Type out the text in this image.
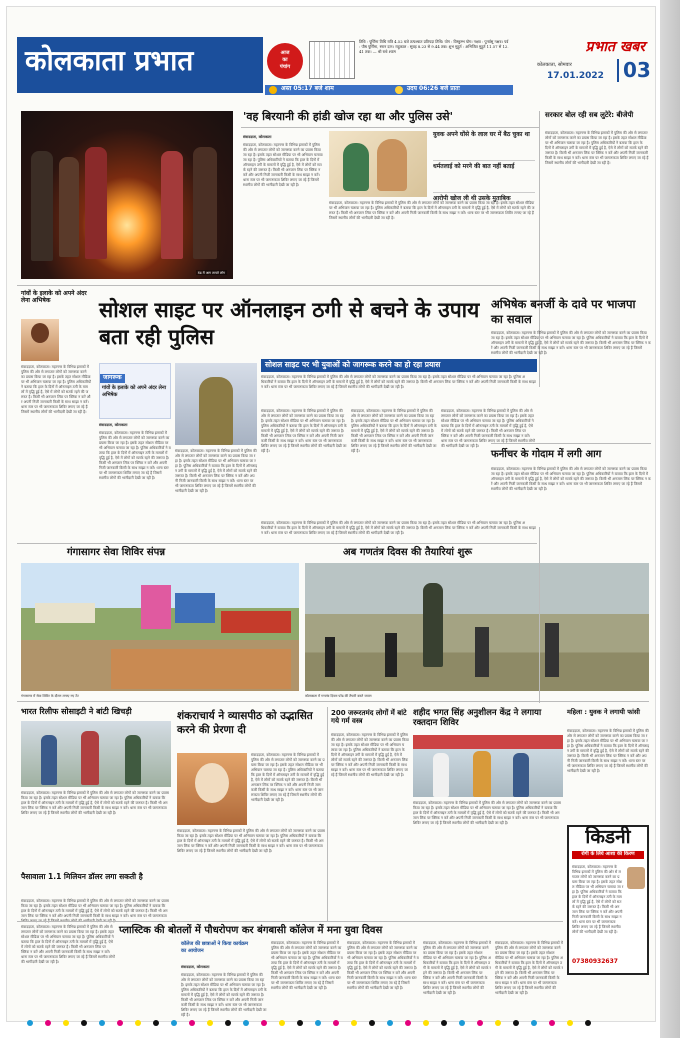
कोलकाता प्रभात	आज
का
पंचांग
तिथि : पूर्णिमा तिथि रात्रि 4.52 बजे तत्पश्चात प्रतिपदा तिथि। योग : विष्कुम्भ योग। नक्षत्र : पुनर्वसु नक्षत्र। पर्व : पौष पूर्णिमा, स्नान दान। राहुकाल : सुबह 8.23 से 9.44 तक। शुभ मुहूर्त : अभिजित मुहूर्त 11.57 से 12.41 तक। — श्री राधे श्याम	प्रभात खबर
कोलकाता, सोमवार
17.01.2022 03
अस्त 05:17 बजे शाम	उदय 06:26 बजे प्रातः
ठंड में आग तापते लोग
'वह बिरयानी की हांडी खोज रहा था और पुलिस उसे'
संवाददाता, कोलकाता
संवाददाता, कोलकाता। महानगर के विभिन्न इलाकों में पुलिस की ओर से लगातार लोगों को जागरूक करने का प्रयास किया जा रहा है। इसके तहत सोशल मीडिया पर भी अभियान चलाया जा रहा है। पुलिस अधिकारियों ने बताया कि हाल के दिनों में ऑनलाइन ठगी के मामलों में वृद्धि हुई है, ऐसे में लोगों को सतर्क रहने की जरूरत है। किसी भी अनजान लिंक पर क्लिक न करें और अपनी निजी जानकारी किसी के साथ साझा न करें। थाना स्तर पर भी जागरूकता शिविर लगाए जा रहे हैं जिसमें स्थानीय लोगों की भागीदारी देखी जा रही है।
युवक अपने घोंसे के लाल घर में बैठ चुका था
धर्मतलाई को मरने की बात नहीं बताई
आरोपी खोज ली थी उसके मुताबिक
संवाददाता, कोलकाता। महानगर के विभिन्न इलाकों में पुलिस की ओर से लगातार लोगों को जागरूक करने का प्रयास किया जा रहा है। इसके तहत सोशल मीडिया पर भी अभियान चलाया जा रहा है। पुलिस अधिकारियों ने बताया कि हाल के दिनों में ऑनलाइन ठगी के मामलों में वृद्धि हुई है, ऐसे में लोगों को सतर्क रहने की जरूरत है। किसी भी अनजान लिंक पर क्लिक न करें और अपनी निजी जानकारी किसी के साथ साझा न करें। थाना स्तर पर भी जागरूकता शिविर लगाए जा रहे हैं जिसमें स्थानीय लोगों की भागीदारी देखी जा रही है।
सरकार बोल रही सब लुटेरे: बीजेपी
संवाददाता, कोलकाता। महानगर के विभिन्न इलाकों में पुलिस की ओर से लगातार लोगों को जागरूक करने का प्रयास किया जा रहा है। इसके तहत सोशल मीडिया पर भी अभियान चलाया जा रहा है। पुलिस अधिकारियों ने बताया कि हाल के दिनों में ऑनलाइन ठगी के मामलों में वृद्धि हुई है, ऐसे में लोगों को सतर्क रहने की जरूरत है। किसी भी अनजान लिंक पर क्लिक न करें और अपनी निजी जानकारी किसी के साथ साझा न करें। थाना स्तर पर भी जागरूकता शिविर लगाए जा रहे हैं जिसमें स्थानीय लोगों की भागीदारी देखी जा रही है।
गांवों के इलाके को अपने अंदर लेना अभिषेक
संवाददाता, कोलकाता। महानगर के विभिन्न इलाकों में पुलिस की ओर से लगातार लोगों को जागरूक करने का प्रयास किया जा रहा है। इसके तहत सोशल मीडिया पर भी अभियान चलाया जा रहा है। पुलिस अधिकारियों ने बताया कि हाल के दिनों में ऑनलाइन ठगी के मामलों में वृद्धि हुई है, ऐसे में लोगों को सतर्क रहने की जरूरत है। किसी भी अनजान लिंक पर क्लिक न करें और अपनी निजी जानकारी किसी के साथ साझा न करें। थाना स्तर पर भी जागरूकता शिविर लगाए जा रहे हैं जिसमें स्थानीय लोगों की भागीदारी देखी जा रही है।
सोशल साइट पर ऑनलाइन ठगी से बचने के उपाय बता रही पुलिस
जागरूक
गांवों के इलाके को अपने अंदर लेना अभिषेक
सोशल साइट पर भी युवाओं को जागरूक करने का हो रहा प्रयास
संवाददाता, कोलकाता। महानगर के विभिन्न इलाकों में पुलिस की ओर से लगातार लोगों को जागरूक करने का प्रयास किया जा रहा है। इसके तहत सोशल मीडिया पर भी अभियान चलाया जा रहा है। पुलिस अधिकारियों ने बताया कि हाल के दिनों में ऑनलाइन ठगी के मामलों में वृद्धि हुई है, ऐसे में लोगों को सतर्क रहने की जरूरत है। किसी भी अनजान लिंक पर क्लिक न करें और अपनी निजी जानकारी किसी के साथ साझा न करें। थाना स्तर पर भी जागरूकता शिविर लगाए जा रहे हैं जिसमें स्थानीय लोगों की भागीदारी देखी जा रही है।
संवाददाता, कोलकाता। महानगर के विभिन्न इलाकों में पुलिस की ओर से लगातार लोगों को जागरूक करने का प्रयास किया जा रहा है। इसके तहत सोशल मीडिया पर भी अभियान चलाया जा रहा है। पुलिस अधिकारियों ने बताया कि हाल के दिनों में ऑनलाइन ठगी के मामलों में वृद्धि हुई है, ऐसे में लोगों को सतर्क रहने की जरूरत है। किसी भी अनजान लिंक पर क्लिक न करें और अपनी निजी जानकारी किसी के साथ साझा न करें। थाना स्तर पर भी जागरूकता शिविर लगाए जा रहे हैं जिसमें स्थानीय लोगों की भागीदारी देखी जा रही है।
संवाददाता, कोलकाता। महानगर के विभिन्न इलाकों में पुलिस की ओर से लगातार लोगों को जागरूक करने का प्रयास किया जा रहा है। इसके तहत सोशल मीडिया पर भी अभियान चलाया जा रहा है। पुलिस अधिकारियों ने बताया कि हाल के दिनों में ऑनलाइन ठगी के मामलों में वृद्धि हुई है, ऐसे में लोगों को सतर्क रहने की जरूरत है। किसी भी अनजान लिंक पर क्लिक न करें और अपनी निजी जानकारी किसी के साथ साझा न करें। थाना स्तर पर भी जागरूकता शिविर लगाए जा रहे हैं जिसमें स्थानीय लोगों की भागीदारी देखी जा रही है।
संवाददाता, कोलकाता। महानगर के विभिन्न इलाकों में पुलिस की ओर से लगातार लोगों को जागरूक करने का प्रयास किया जा रहा है। इसके तहत सोशल मीडिया पर भी अभियान चलाया जा रहा है। पुलिस अधिकारियों ने बताया कि हाल के दिनों में ऑनलाइन ठगी के मामलों में वृद्धि हुई है, ऐसे में लोगों को सतर्क रहने की जरूरत है। किसी भी अनजान लिंक पर क्लिक न करें और अपनी निजी जानकारी किसी के साथ साझा न करें। थाना स्तर पर भी जागरूकता शिविर लगाए जा रहे हैं जिसमें स्थानीय लोगों की भागीदारी देखी जा रही है।
संवाददाता, कोलकाता
संवाददाता, कोलकाता। महानगर के विभिन्न इलाकों में पुलिस की ओर से लगातार लोगों को जागरूक करने का प्रयास किया जा रहा है। इसके तहत सोशल मीडिया पर भी अभियान चलाया जा रहा है। पुलिस अधिकारियों ने बताया कि हाल के दिनों में ऑनलाइन ठगी के मामलों में वृद्धि हुई है, ऐसे में लोगों को सतर्क रहने की जरूरत है। किसी भी अनजान लिंक पर क्लिक न करें और अपनी निजी जानकारी किसी के साथ साझा न करें। थाना स्तर पर भी जागरूकता शिविर लगाए जा रहे हैं जिसमें स्थानीय लोगों की भागीदारी देखी जा रही है।
संवाददाता, कोलकाता। महानगर के विभिन्न इलाकों में पुलिस की ओर से लगातार लोगों को जागरूक करने का प्रयास किया जा रहा है। इसके तहत सोशल मीडिया पर भी अभियान चलाया जा रहा है। पुलिस अधिकारियों ने बताया कि हाल के दिनों में ऑनलाइन ठगी के मामलों में वृद्धि हुई है, ऐसे में लोगों को सतर्क रहने की जरूरत है। किसी भी अनजान लिंक पर क्लिक न करें और अपनी निजी जानकारी किसी के साथ साझा न करें। थाना स्तर पर भी जागरूकता शिविर लगाए जा रहे हैं जिसमें स्थानीय लोगों की भागीदारी देखी जा रही है।
संवाददाता, कोलकाता। महानगर के विभिन्न इलाकों में पुलिस की ओर से लगातार लोगों को जागरूक करने का प्रयास किया जा रहा है। इसके तहत सोशल मीडिया पर भी अभियान चलाया जा रहा है। पुलिस अधिकारियों ने बताया कि हाल के दिनों में ऑनलाइन ठगी के मामलों में वृद्धि हुई है, ऐसे में लोगों को सतर्क रहने की जरूरत है। किसी भी अनजान लिंक पर क्लिक न करें और अपनी निजी जानकारी किसी के साथ साझा न करें। थाना स्तर पर भी जागरूकता शिविर लगाए जा रहे हैं जिसमें स्थानीय लोगों की भागीदारी देखी जा रही है।
अभिषेक बनर्जी के दावे पर भाजपा का सवाल
संवाददाता, कोलकाता। महानगर के विभिन्न इलाकों में पुलिस की ओर से लगातार लोगों को जागरूक करने का प्रयास किया जा रहा है। इसके तहत सोशल मीडिया पर भी अभियान चलाया जा रहा है। पुलिस अधिकारियों ने बताया कि हाल के दिनों में ऑनलाइन ठगी के मामलों में वृद्धि हुई है, ऐसे में लोगों को सतर्क रहने की जरूरत है। किसी भी अनजान लिंक पर क्लिक न करें और अपनी निजी जानकारी किसी के साथ साझा न करें। थाना स्तर पर भी जागरूकता शिविर लगाए जा रहे हैं जिसमें स्थानीय लोगों की भागीदारी देखी जा रही है।
फर्नीचर के गोदाम में लगी आग
संवाददाता, कोलकाता। महानगर के विभिन्न इलाकों में पुलिस की ओर से लगातार लोगों को जागरूक करने का प्रयास किया जा रहा है। इसके तहत सोशल मीडिया पर भी अभियान चलाया जा रहा है। पुलिस अधिकारियों ने बताया कि हाल के दिनों में ऑनलाइन ठगी के मामलों में वृद्धि हुई है, ऐसे में लोगों को सतर्क रहने की जरूरत है। किसी भी अनजान लिंक पर क्लिक न करें और अपनी निजी जानकारी किसी के साथ साझा न करें। थाना स्तर पर भी जागरूकता शिविर लगाए जा रहे हैं जिसमें स्थानीय लोगों की भागीदारी देखी जा रही है।
गंगासागर सेवा शिविर संपन्न
गंगासागर में सेवा शिविर के दौरान लगाए गए टेंट
अब गणतंत्र दिवस की तैयारियां शुरू
कोलकाता में गणतंत्र दिवस परेड की तैयारी करते जवान
भारत रिलीफ सोसाइटी ने बांटी खिचड़ी
संवाददाता, कोलकाता। महानगर के विभिन्न इलाकों में पुलिस की ओर से लगातार लोगों को जागरूक करने का प्रयास किया जा रहा है। इसके तहत सोशल मीडिया पर भी अभियान चलाया जा रहा है। पुलिस अधिकारियों ने बताया कि हाल के दिनों में ऑनलाइन ठगी के मामलों में वृद्धि हुई है, ऐसे में लोगों को सतर्क रहने की जरूरत है। किसी भी अनजान लिंक पर क्लिक न करें और अपनी निजी जानकारी किसी के साथ साझा न करें। थाना स्तर पर भी जागरूकता शिविर लगाए जा रहे हैं जिसमें स्थानीय लोगों की भागीदारी देखी जा रही है।
पैसावाला 1.1 मिलियन डॉलर लगा सकती है
संवाददाता, कोलकाता। महानगर के विभिन्न इलाकों में पुलिस की ओर से लगातार लोगों को जागरूक करने का प्रयास किया जा रहा है। इसके तहत सोशल मीडिया पर भी अभियान चलाया जा रहा है। पुलिस अधिकारियों ने बताया कि हाल के दिनों में ऑनलाइन ठगी के मामलों में वृद्धि हुई है, ऐसे में लोगों को सतर्क रहने की जरूरत है। किसी भी अनजान लिंक पर क्लिक न करें और अपनी निजी जानकारी किसी के साथ साझा न करें। थाना स्तर पर भी जागरूकता
शंकराचार्य ने व्यासपीठ को उद्भासित करने की प्रेरणा दी
संवाददाता, कोलकाता। महानगर के विभिन्न इलाकों में पुलिस की ओर से लगातार लोगों को जागरूक करने का प्रयास किया जा रहा है। इसके तहत सोशल मीडिया पर भी अभियान चलाया जा रहा है। पुलिस अधिकारियों ने बताया कि हाल के दिनों में ऑनलाइन ठगी के मामलों में वृद्धि हुई है, ऐसे में लोगों को सतर्क रहने की जरूरत है। किसी भी अनजान लिंक पर क्लिक न करें और अपनी निजी जानकारी किसी के साथ साझा न करें। थाना स्तर पर भी जागरूकता शिविर लगाए जा रहे हैं जिसमें स्थानीय लोगों की भागीदारी देखी जा रही है।
संवाददाता, कोलकाता। महानगर के विभिन्न इलाकों में पुलिस की ओर से लगातार लोगों को जागरूक करने का प्रयास किया जा रहा है। इसके तहत सोशल मीडिया पर भी अभियान चलाया जा रहा है। पुलिस अधिकारियों ने बताया कि हाल के दिनों में ऑनलाइन ठगी के मामलों में वृद्धि हुई है, ऐसे में लोगों को सतर्क रहने की जरूरत है। किसी भी अनजान लिंक पर क्लिक न करें और अपनी निजी जानकारी किसी के साथ साझा न करें। थाना स्तर पर भी जागरूकता शिविर लगाए जा रहे हैं जिसमें स्थानीय लोगों की भागीदारी देखी जा रही है।
200 जरूरतमंद लोगों में बांटे गये गर्म वस्त्र
संवाददाता, कोलकाता। महानगर के विभिन्न इलाकों में पुलिस की ओर से लगातार लोगों को जागरूक करने का प्रयास किया जा रहा है। इसके तहत सोशल मीडिया पर भी अभियान चलाया जा रहा है। पुलिस अधिकारियों ने बताया कि हाल के दिनों में ऑनलाइन ठगी के मामलों में वृद्धि हुई है, ऐसे में लोगों को सतर्क रहने की जरूरत है। किसी भी अनजान लिंक पर क्लिक न करें और अपनी निजी जानकारी किसी के साथ साझा न करें। थाना स्तर पर भी जागरूकता शिविर लगाए जा रहे हैं जिसमें स्थानीय लोगों की भागीदारी देखी जा रही है।
शहीद भगत सिंह अनुशीलन केंद्र ने लगाया रक्तदान शिविर
संवाददाता, कोलकाता। महानगर के विभिन्न इलाकों में पुलिस की ओर से लगातार लोगों को जागरूक करने का प्रयास किया जा रहा है। इसके तहत सोशल मीडिया पर भी अभियान चलाया जा रहा है। पुलिस अधिकारियों ने बताया कि हाल के दिनों में ऑनलाइन ठगी के मामलों में वृद्धि हुई है, ऐसे में लोगों को सतर्क रहने की जरूरत है। किसी भी अनजान लिंक पर क्लिक न करें और अपनी निजी जानकारी किसी के साथ साझा न करें। थाना स्तर पर भी जागरूकता शिविर लगाए जा रहे हैं जिसमें स्थानीय लोगों की भागीदारी देखी जा रही है।
महिला : युवक ने लगायी फांसी
संवाददाता, कोलकाता। महानगर के विभिन्न इलाकों में पुलिस की ओर से लगातार लोगों को जागरूक करने का प्रयास किया जा रहा है। इसके तहत सोशल मीडिया पर भी अभियान चलाया जा रहा है। पुलिस अधिकारियों ने बताया कि हाल के दिनों में ऑनलाइन ठगी के मामलों में वृद्धि हुई है, ऐसे में लोगों को सतर्क रहने की जरूरत है। किसी भी अनजान लिंक पर क्लिक न करें और अपनी निजी जानकारी किसी के साथ साझा न करें। थाना स्तर पर भी जागरूकता शिविर लगाए जा रहे हैं जिसमें स्थानीय लोगों की भागीदारी देखी जा रही है।
किडनी
रोगी के लिये आशा की किरण
संवाददाता, कोलकाता। महानगर के विभिन्न इलाकों में पुलिस की ओर से लगातार लोगों को जागरूक करने का प्रयास किया जा रहा है। इसके तहत सोशल मीडिया पर भी अभियान चलाया जा रहा है। पुलिस अधिकारियों ने बताया कि हाल के दिनों में ऑनलाइन ठगी के मामलों में वृद्धि हुई है, ऐसे में लोगों को सतर्क रहने की जरूरत है। किसी भी अनजान लिंक पर क्लिक न करें और अपनी निजी जानकारी किसी के साथ साझा न करें। थाना स्तर पर भी जागरूकता शिविर लगाए जा रहे हैं जिसमें स्थानीय लोगों की भागीदारी देखी जा रही है।
07380932637
प्लास्टिक की बोतलों में पौधरोपण कर बंगबासी कॉलेज में मना युवा दिवस
संवाददाता, कोलकाता। महानगर के विभिन्न इलाकों में पुलिस की ओर से लगातार लोगों को जागरूक करने का प्रयास किया जा रहा है। इसके तहत सोशल मीडिया पर भी अभियान चलाया जा रहा है। पुलिस अधिकारियों ने बताया कि हाल के दिनों में ऑनलाइन ठगी के मामलों में वृद्धि हुई है, ऐसे में लोगों को सतर्क रहने की जरूरत है। किसी भी अनजान लिंक पर क्लिक न करें और अपनी निजी जानकारी किसी के साथ साझा न करें। थाना स्तर पर भी जागरूकता शिविर लगाए जा रहे हैं जिसमें स्थानीय लोगों की भागीदारी देखी जा रही है।
कॉलेज की छात्राओं ने किया कार्यक्रम
का आयोजन
संवाददाता, कोलकाता
संवाददाता, कोलकाता। महानगर के विभिन्न इलाकों में पुलिस की ओर से लगातार लोगों को जागरूक करने का प्रयास किया जा रहा है। इसके तहत सोशल मीडिया पर भी अभियान चलाया जा रहा है। पुलिस अधिकारियों ने बताया कि हाल के दिनों में ऑनलाइन ठगी के मामलों में वृद्धि हुई है, ऐसे में लोगों को सतर्क रहने की जरूरत है। किसी भी अनजान लिंक पर क्लिक न करें और अपनी निजी जानकारी किसी के साथ साझा न करें। थाना स्तर पर भी जागरूकता शिविर लगाए जा रहे हैं जिसमें स्थानीय लोगों की भागीदारी देखी जा रही है।
संवाददाता, कोलकाता। महानगर के विभिन्न इलाकों में पुलिस की ओर से लगातार लोगों को जागरूक करने का प्रयास किया जा रहा है। इसके तहत सोशल मीडिया पर भी अभियान चलाया जा रहा है। पुलिस अधिकारियों ने बताया कि हाल के दिनों में ऑनलाइन ठगी के मामलों में वृद्धि हुई है, ऐसे में लोगों को सतर्क रहने की जरूरत है। किसी भी अनजान लिंक पर क्लिक न करें और अपनी निजी जानकारी किसी के साथ साझा न करें। थाना स्तर पर भी जागरूकता शिविर लगाए जा रहे हैं जिसमें स्थानीय लोगों की भागीदारी देखी जा रही है।
संवाददाता, कोलकाता। महानगर के विभिन्न इलाकों में पुलिस की ओर से लगातार लोगों को जागरूक करने का प्रयास किया जा रहा है। इसके तहत सोशल मीडिया पर भी अभियान चलाया जा रहा है। पुलिस अधिकारियों ने बताया कि हाल के दिनों में ऑनलाइन ठगी के मामलों में वृद्धि हुई है, ऐसे में लोगों को सतर्क रहने की जरूरत है। किसी भी अनजान लिंक पर क्लिक न करें और अपनी निजी जानकारी किसी के साथ साझा न करें। थाना स्तर पर भी जागरूकता शिविर लगाए जा रहे हैं जिसमें स्थानीय लोगों की भागीदारी देखी जा रही है।
संवाददाता, कोलकाता। महानगर के विभिन्न इलाकों में पुलिस की ओर से लगातार लोगों को जागरूक करने का प्रयास किया जा रहा है। इसके तहत सोशल मीडिया पर भी अभियान चलाया जा रहा है। पुलिस अधिकारियों ने बताया कि हाल के दिनों में ऑनलाइन ठगी के मामलों में वृद्धि हुई है, ऐसे में लोगों को सतर्क रहने की जरूरत है। किसी भी अनजान लिंक पर क्लिक न करें और अपनी निजी जानकारी किसी के साथ साझा न करें। थाना स्तर पर भी जागरूकता शिविर लगाए जा रहे हैं जिसमें स्थानीय लोगों की भागीदारी देखी जा रही है।
संवाददाता, कोलकाता। महानगर के विभिन्न इलाकों में पुलिस की ओर से लगातार लोगों को जागरूक करने का प्रयास किया जा रहा है। इसके तहत सोशल मीडिया पर भी अभियान चलाया जा रहा है। पुलिस अधिकारियों ने बताया कि हाल के दिनों में ऑनलाइन ठगी के मामलों में वृद्धि हुई है, ऐसे में लोगों को सतर्क रहने की जरूरत है। किसी भी अनजान लिंक पर क्लिक न करें और अपनी निजी जानकारी किसी के साथ साझा न करें। थाना स्तर पर भी जागरूकता शिविर लगाए जा रहे हैं जिसमें स्थानीय लोगों की भागीदारी देखी जा रही है।
